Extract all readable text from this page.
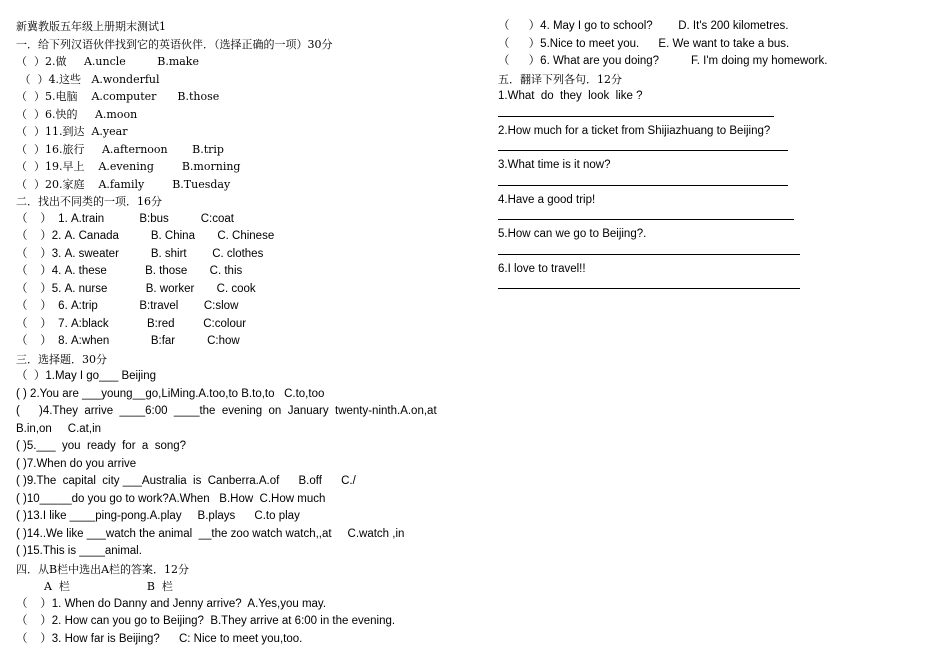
新冀教版五年级上册期末测试1
一．给下列汉语伙伴找到它的英语伙伴．（选择正确的一项）30分
（  ）2.做     A.uncle         B.make
（  ）4.这些   A.wonderful
（  ）5.电脑    A.computer      B.those
（  ）6.快的     A.moon
（  ）11.到达  A.year
（  ）16.旅行     A.afternoon       B.trip
（  ）19.早上    A.evening        B.morning
（  ）20.家庭    A.family        B.Tuesday
二．找出不同类的一项．16分
（    ）  1. A.train           B:bus          C:coat
（    ）2. A. Canada          B. China       C. Chinese
（    ）3. A. sweater          B. shirt        C. clothes
（    ）4. A. these            B. those       C. this
（    ）5. A. nurse            B. worker       C. cook
（    ）  6. A:trip             B:travel        C:slow
（    ）  7. A:black            B:red         C:colour
（    ）  8. A:when             B:far          C:how
三．选择题．30分
（  ）1.May I go___ Beijing
( ) 2.You are ___young__go,LiMing.A.too,to B.to,to   C.to,too
(      )4.They  arrive  ____6:00  ____the  evening  on  January  twenty-ninth.A.on,at
B.in,on     C.at,in
( )5.___  you  ready  for  a  song?
( )7.When do you arrive
( )9.The  capital  city ___Australia  is  Canberra.A.of      B.off      C./
( )10_____do you go to work?A.When   B.How  C.How much
( )13.I like ____ping-pong.A.play     B.plays      C.to play
( )14..We like ___watch the animal  __the zoo watch watch,,at     C.watch ,in
( )15.This is ____animal.
四．从B栏中选出A栏的答案．12分
A  栏                      B  栏
（    ）1. When do Danny and Jenny arrive?  A.Yes,you may.
（    ）2. How can you go to Beijing?  B.They arrive at 6:00 in the evening.
（    ）3. How far is Beijing?      C: Nice to meet you,too.
（      ）4. May I go to school?        D. It's 200 kilometres.
（      ）5.Nice to meet you.      E. We want to take a bus.
（      ）6. What are you doing?          F. I'm doing my homework.
五．翻译下列各句．12分
1.What  do  they  look  like ?
2.How much for a ticket from Shijiazhuang to Beijing?
3.What time is it now?
4.Have a good trip!
5.How can we go to Beijing?.
6.I love to travel!!
